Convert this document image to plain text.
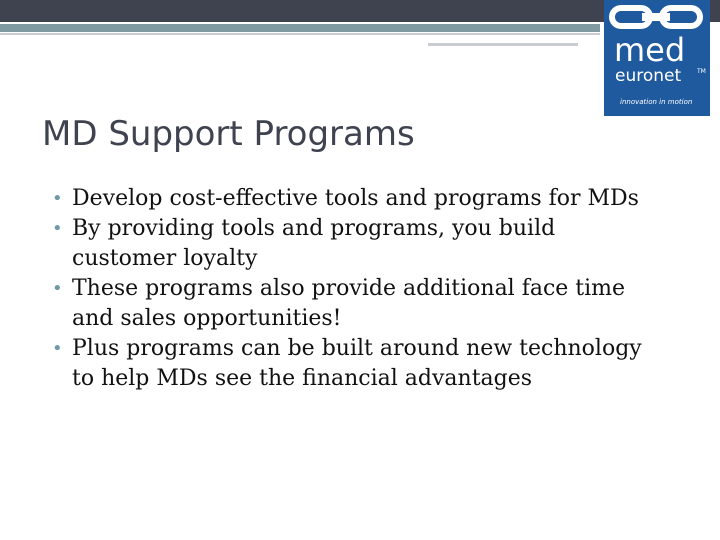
med
euronet	TM
innovation in motion
MD Support Programs
• Develop cost-effective tools and programs for MDs
• By providing tools and programs, you build customer loyalty
• These programs also provide additional face time and sales opportunities!
• Plus programs can be built around new technology to help MDs see the financial advantages
